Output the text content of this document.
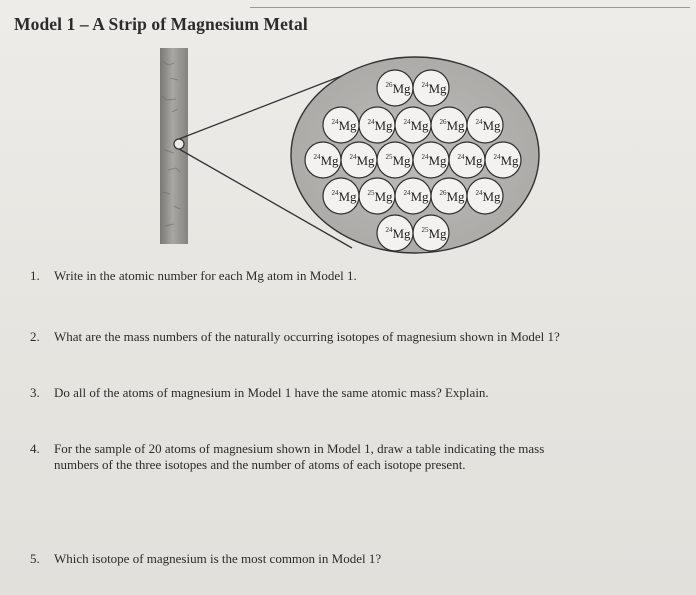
Model 1 – A Strip of Magnesium Metal
$^{26}$Mg $^{24}$Mg
$^{24}$Mg $^{24}$Mg $^{24}$Mg $^{26}$Mg $^{24}$Mg
$^{24}$Mg $^{24}$Mg $^{25}$Mg $^{24}$Mg $^{24}$Mg $^{24}$Mg
$^{24}$Mg $^{25}$Mg $^{24}$Mg $^{26}$Mg $^{24}$Mg
$^{24}$Mg $^{25}$Mg
1. Write in the atomic number for each Mg atom in Model 1.
2. What are the mass numbers of the naturally occurring isotopes of magnesium shown in Model 1?
3. Do all of the atoms of magnesium in Model 1 have the same atomic mass? Explain.
4. For the sample of 20 atoms of magnesium shown in Model 1, draw a table indicating the mass
numbers of the three isotopes and the number of atoms of each isotope present.
5. Which isotope of magnesium is the most common in Model 1?
